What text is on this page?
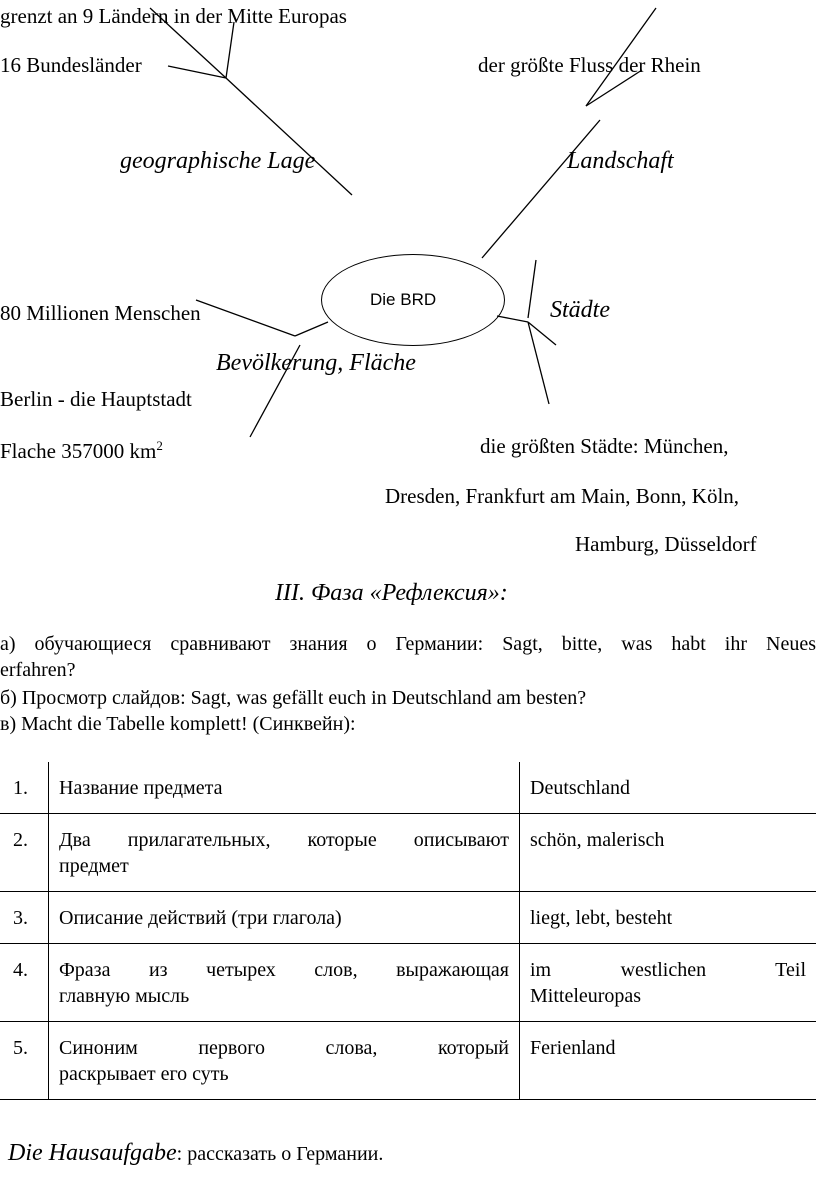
grenzt an 9 Ländern in der Mitte Europas
16 Bundesländer	der größte Fluss der Rhein
geographische Lage	Landschaft
Die BRD
80 Millionen Menschen	Städte
Bevölkerung, Fläche
Berlin - die Hauptstadt
Flache 357000 $km^2$	die größten Städte: München,
Dresden, Frankfurt am Main, Bonn, Köln,
Hamburg, Düsseldorf
III. Фаза «Рефлексия»:
а) обучающиеся сравнивают знания о Германии: Sagt, bitte, was habt ihr Neues
erfahren?
б) Просмотр слайдов: Sagt, was gefällt euch in Deutschland am besten?
в) Macht die Tabelle komplett! (Синквейн):
1.	Название предмета	Deutschland
2.	Два прилагательных, которые описывают
предмет	schön, malerisch
3.	Описание действий (три глагола)	liegt, lebt, besteht
4.	Фраза из четырех слов, выражающая
главную мысль	im westlichen Teil
Mitteleuropas
5.	Синоним первого слова, который
раскрывает его суть	Ferienland
Die Hausaufgabe: рассказать о Германии.
